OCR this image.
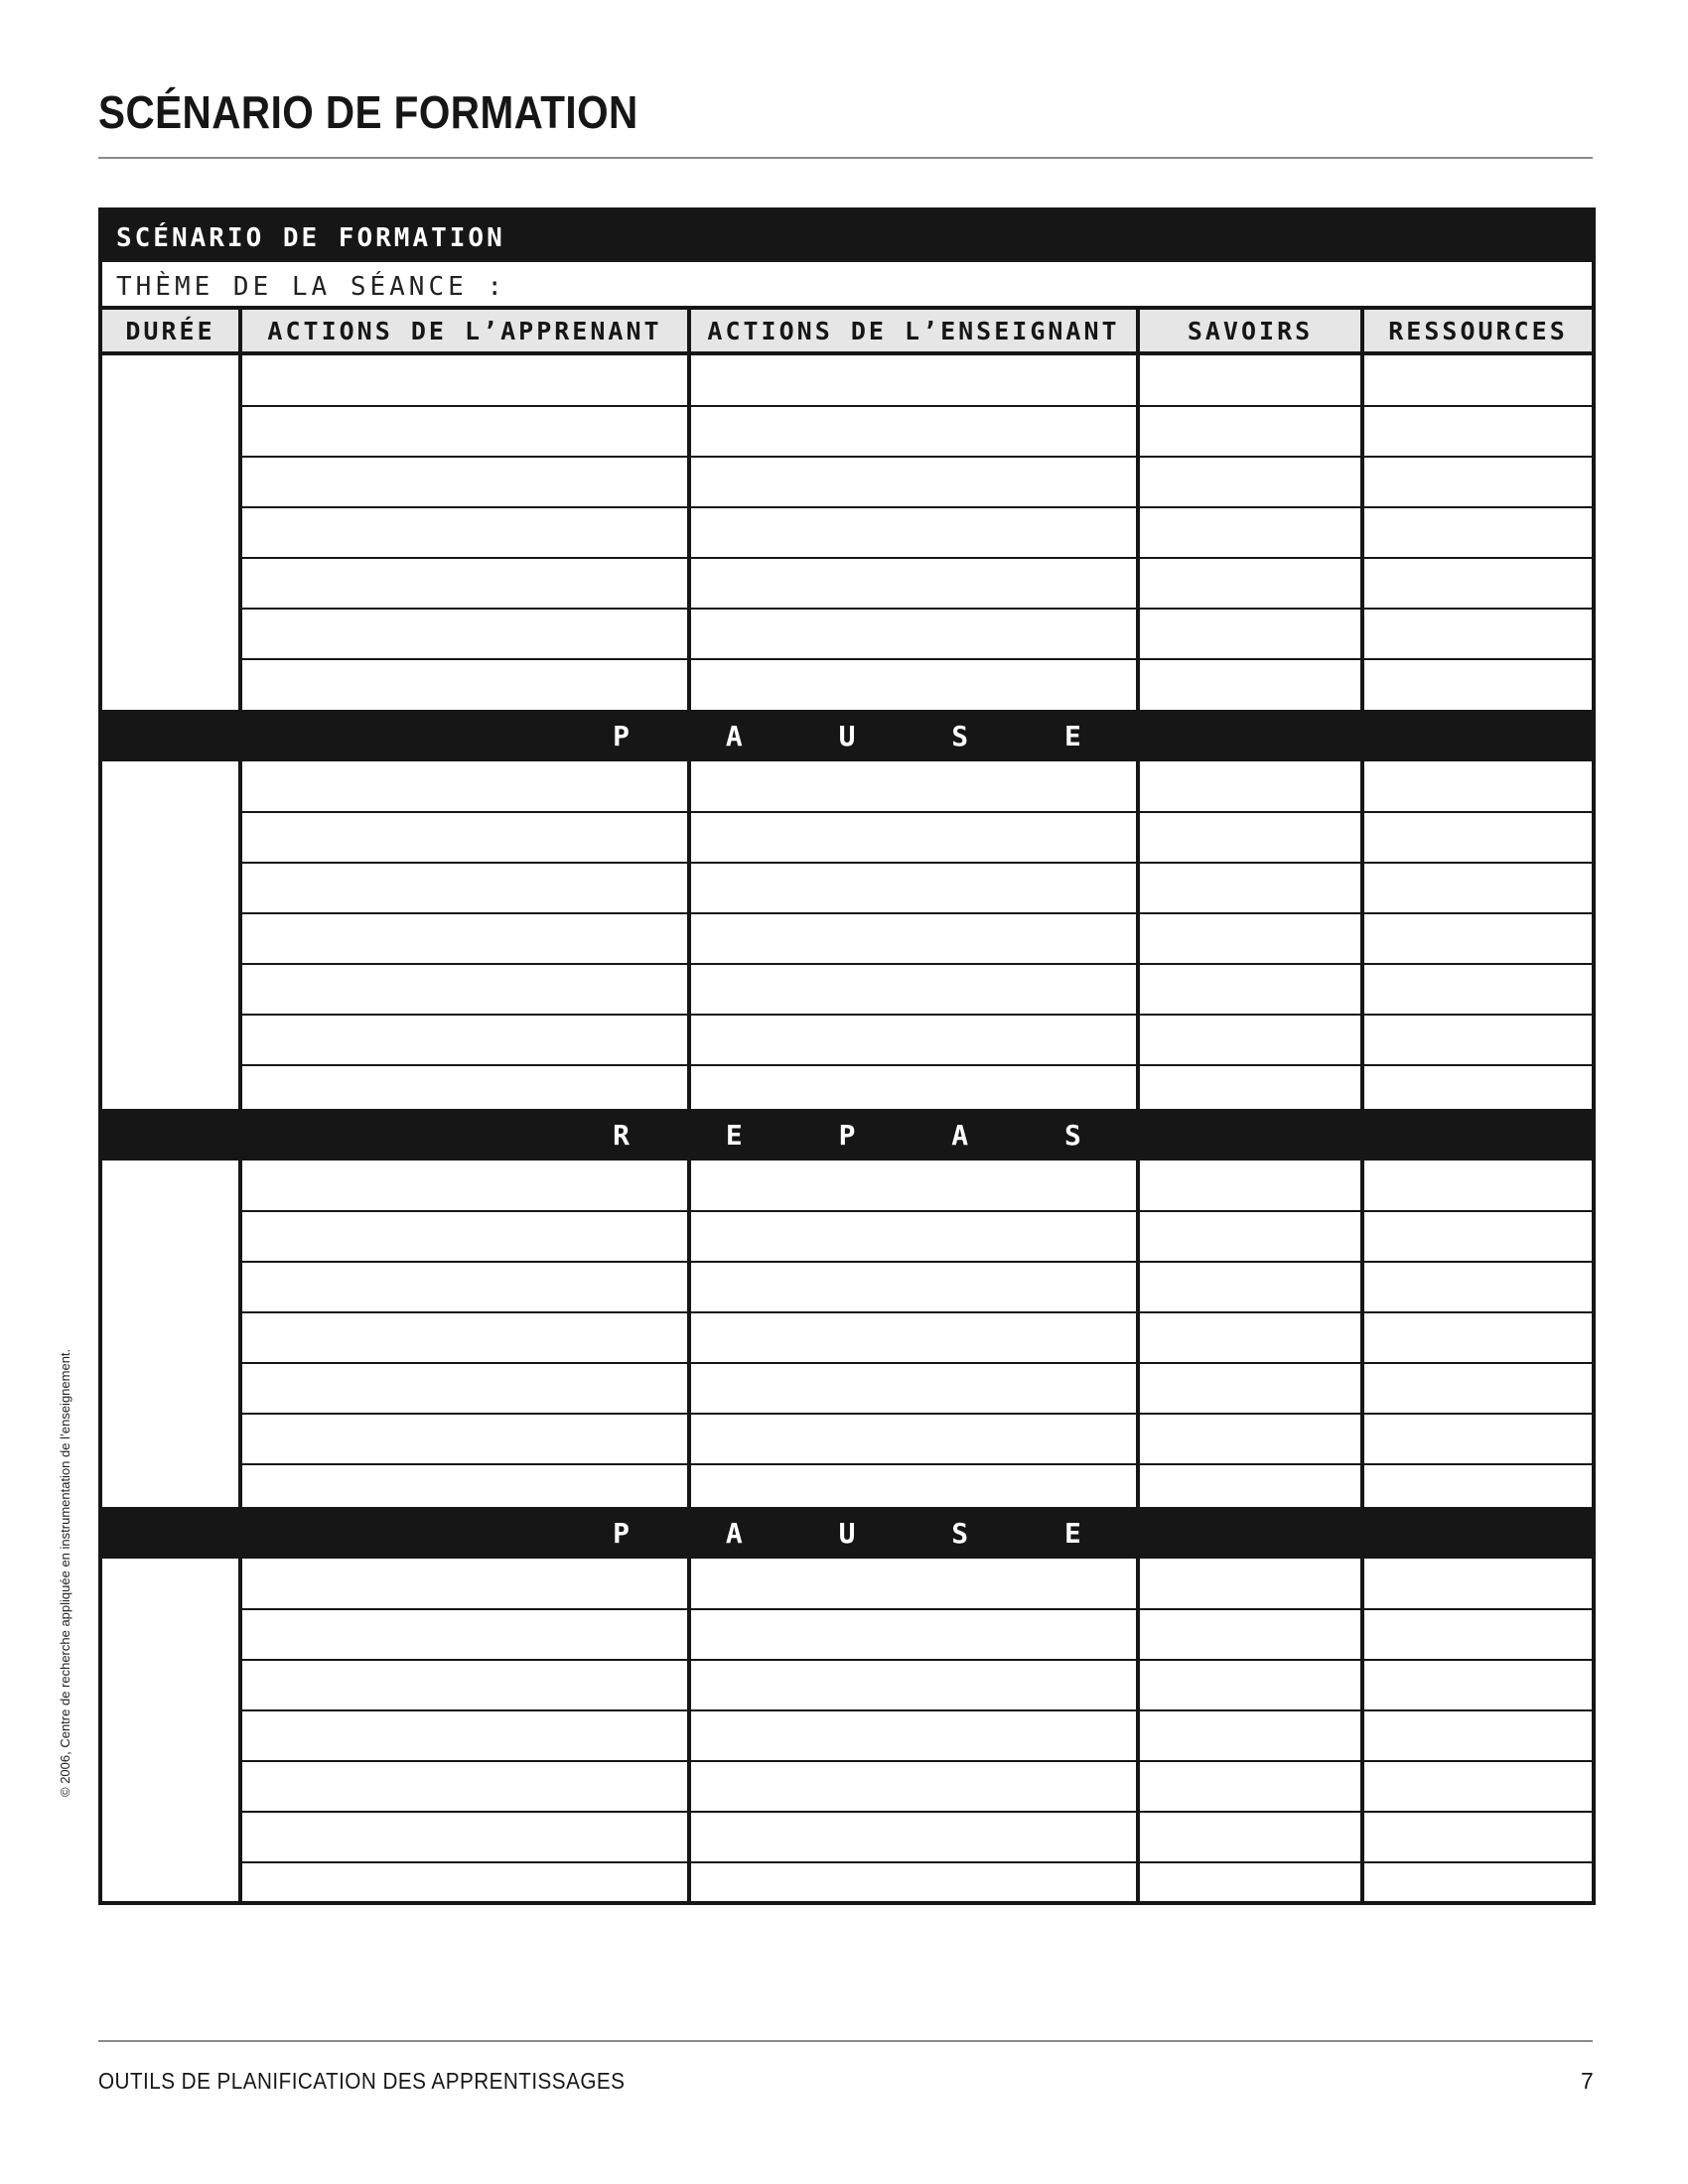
SCÉNARIO DE FORMATION
SCÉNARIO DE FORMATION
THÈME DE LA SÉANCE :
DURÉE	ACTIONS DE L’APPRENANT	ACTIONS DE L’ENSEIGNANT	SAVOIRS	RESSOURCES
P A U S E
R E P A S
P A U S E
OUTILS DE PLANIFICATION DES APPRENTISSAGES	7
© 2006, Centre de recherche appliquée en instrumentation de l’enseignement.
